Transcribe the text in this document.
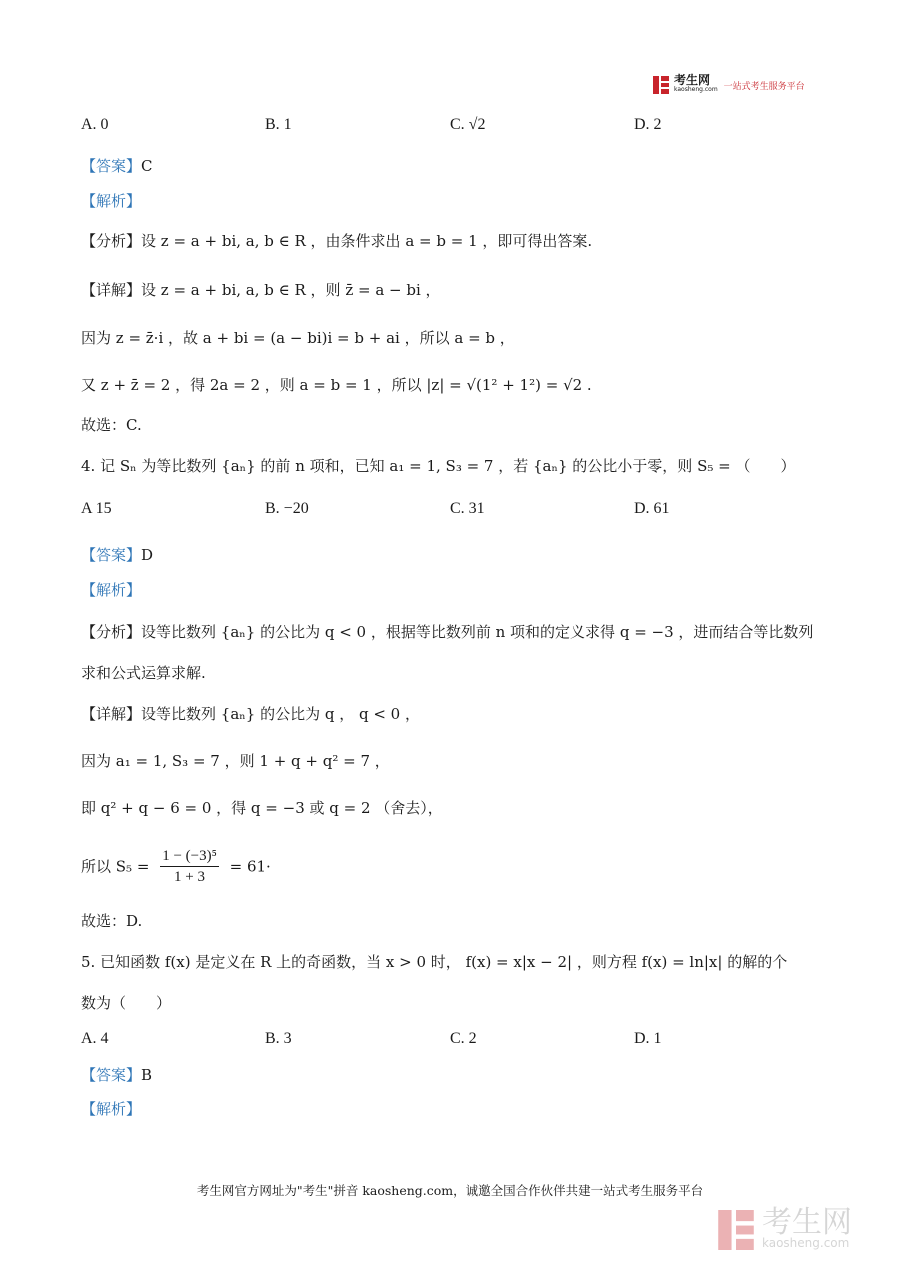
考生网
kaosheng.com 一站式考生服务平台
A. 0	B. 1	C. √2	D. 2
【答案】C
【解析】
【分析】设 z = a + bi, a, b ∈ R ，由条件求出 a = b = 1 ，即可得出答案.
【详解】设 z = a + bi, a, b ∈ R ，则 z̄ = a − bi ，
因为 z = z̄·i ，故 a + bi = (a − bi)i = b + ai ，所以 a = b ，
又 z + z̄ = 2 ，得 2a = 2 ，则 a = b = 1 ，所以 |z| = √(1² + 1²) = √2 .
故选：C.
4. 记 Sₙ 为等比数列 {aₙ} 的前 n 项和，已知 a₁ = 1, S₃ = 7 ，若 {aₙ} 的公比小于零，则 S₅ = （　　）
A 15	B. −20	C. 31	D. 61
【答案】D
【解析】
【分析】设等比数列 {aₙ} 的公比为 q < 0 ，根据等比数列前 n 项和的定义求得 q = −3 ，进而结合等比数列
求和公式运算求解.
【详解】设等比数列 {aₙ} 的公比为 q ， q < 0 ，
因为 a₁ = 1, S₃ = 7 ，则 1 + q + q² = 7 ，
即 q² + q − 6 = 0 ，得 q = −3 或 q = 2 （舍去），
所以 $S_5 = \frac{\text{1 − (−3)⁵}}{1 + 3} = 61\cdot$
故选：D.
5. 已知函数 f(x) 是定义在 R 上的奇函数，当 x > 0 时， f(x) = x|x − 2| ，则方程 f(x) = ln|x| 的解的个
数为（　　）
A. 4	B. 3	C. 2	D. 1
【答案】B
【解析】
考生网官方网址为"考生"拼音 kaosheng.com，诚邀全国合作伙伴共建一站式考生服务平台
考生网
kaosheng.com
